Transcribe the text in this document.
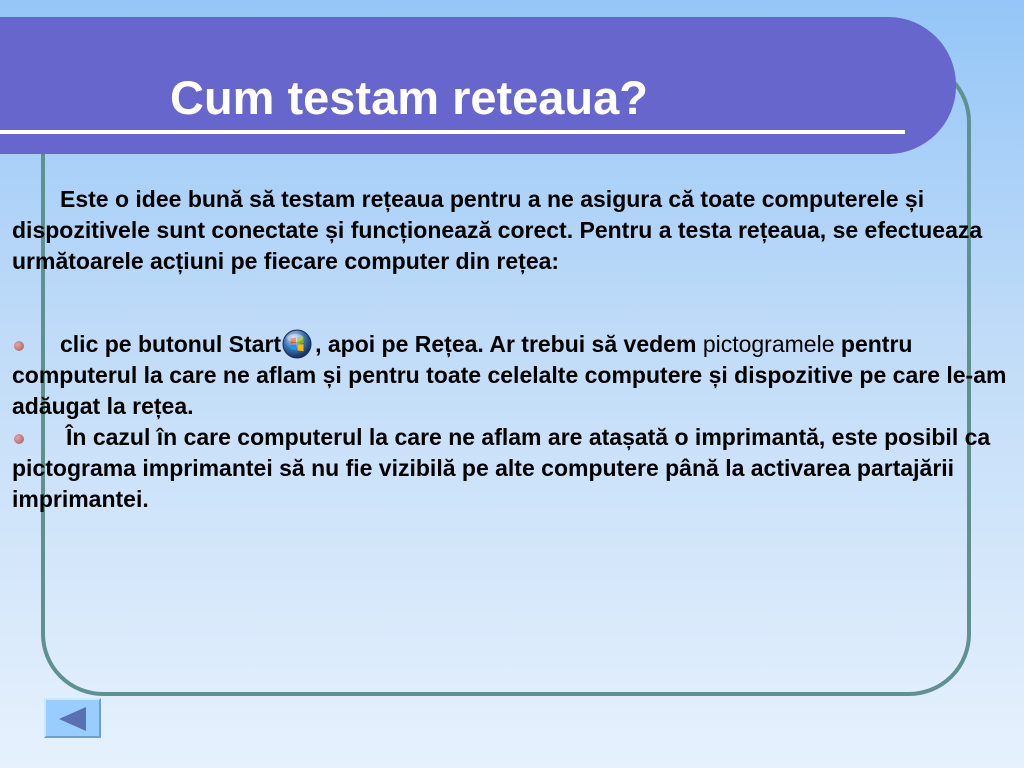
Cum testam reteaua?

Este o idee bună să testam rețeaua pentru a ne asigura că toate computerele și dispozitivele sunt conectate și funcționează corect. Pentru a testa rețeaua, se efectueaza următoarele acțiuni pe fiecare computer din rețea:

clic pe butonul Start , apoi pe Rețea. Ar trebui să vedem pictogramele pentru computerul la care ne aflam și pentru toate celelalte computere și dispozitive pe care le-am adăugat la rețea.

În cazul în care computerul la care ne aflam are atașată o imprimantă, este posibil ca pictograma imprimantei să nu fie vizibilă pe alte computere până la activarea partajării imprimantei.
